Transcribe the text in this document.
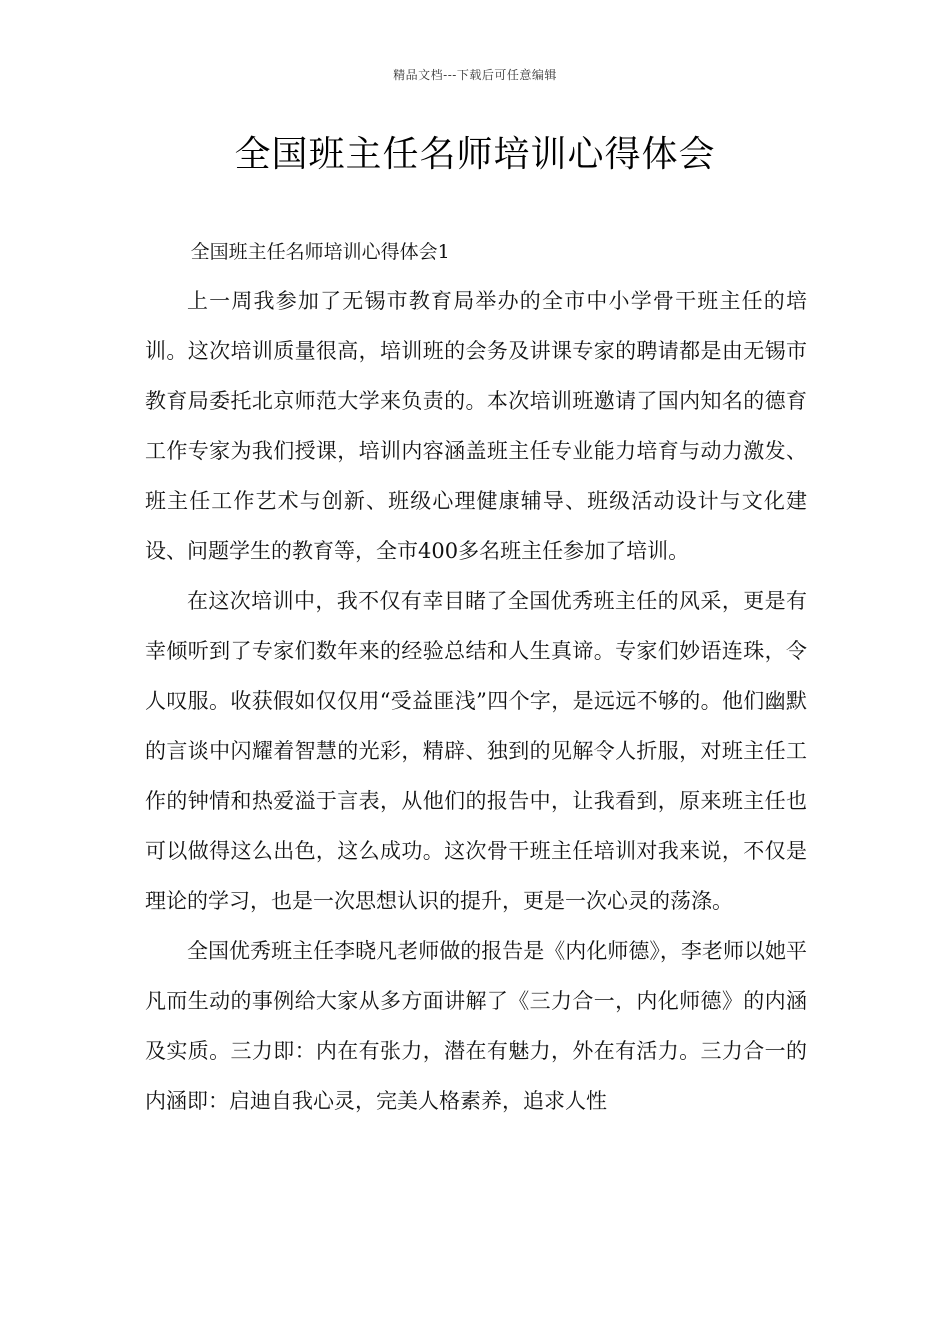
精品文档---下载后可任意编辑
全国班主任名师培训心得体会

全国班主任名师培训心得体会1

上一周我参加了无锡市教育局举办的全市中小学骨干班主任的培训。这次培训质量很高，培训班的会务及讲课专家的聘请都是由无锡市教育局委托北京师范大学来负责的。本次培训班邀请了国内知名的德育工作专家为我们授课，培训内容涵盖班主任专业能力培育与动力激发、班主任工作艺术与创新、班级心理健康辅导、班级活动设计与文化建设、问题学生的教育等，全市400多名班主任参加了培训。

在这次培训中，我不仅有幸目睹了全国优秀班主任的风采，更是有幸倾听到了专家们数年来的经验总结和人生真谛。专家们妙语连珠，令人叹服。收获假如仅仅用“受益匪浅”四个字，是远远不够的。他们幽默的言谈中闪耀着智慧的光彩，精辟、独到的见解令人折服，对班主任工作的钟情和热爱溢于言表，从他们的报告中，让我看到，原来班主任也可以做得这么出色，这么成功。这次骨干班主任培训对我来说，不仅是理论的学习，也是一次思想认识的提升，更是一次心灵的荡涤。

全国优秀班主任李晓凡老师做的报告是《内化师德》，李老师以她平凡而生动的事例给大家从多方面讲解了《三力合一，内化师德》的内涵及实质。三力即：内在有张力，潜在有魅力，外在有活力。三力合一的内涵即：启迪自我心灵，完美人格素养，追求人性
